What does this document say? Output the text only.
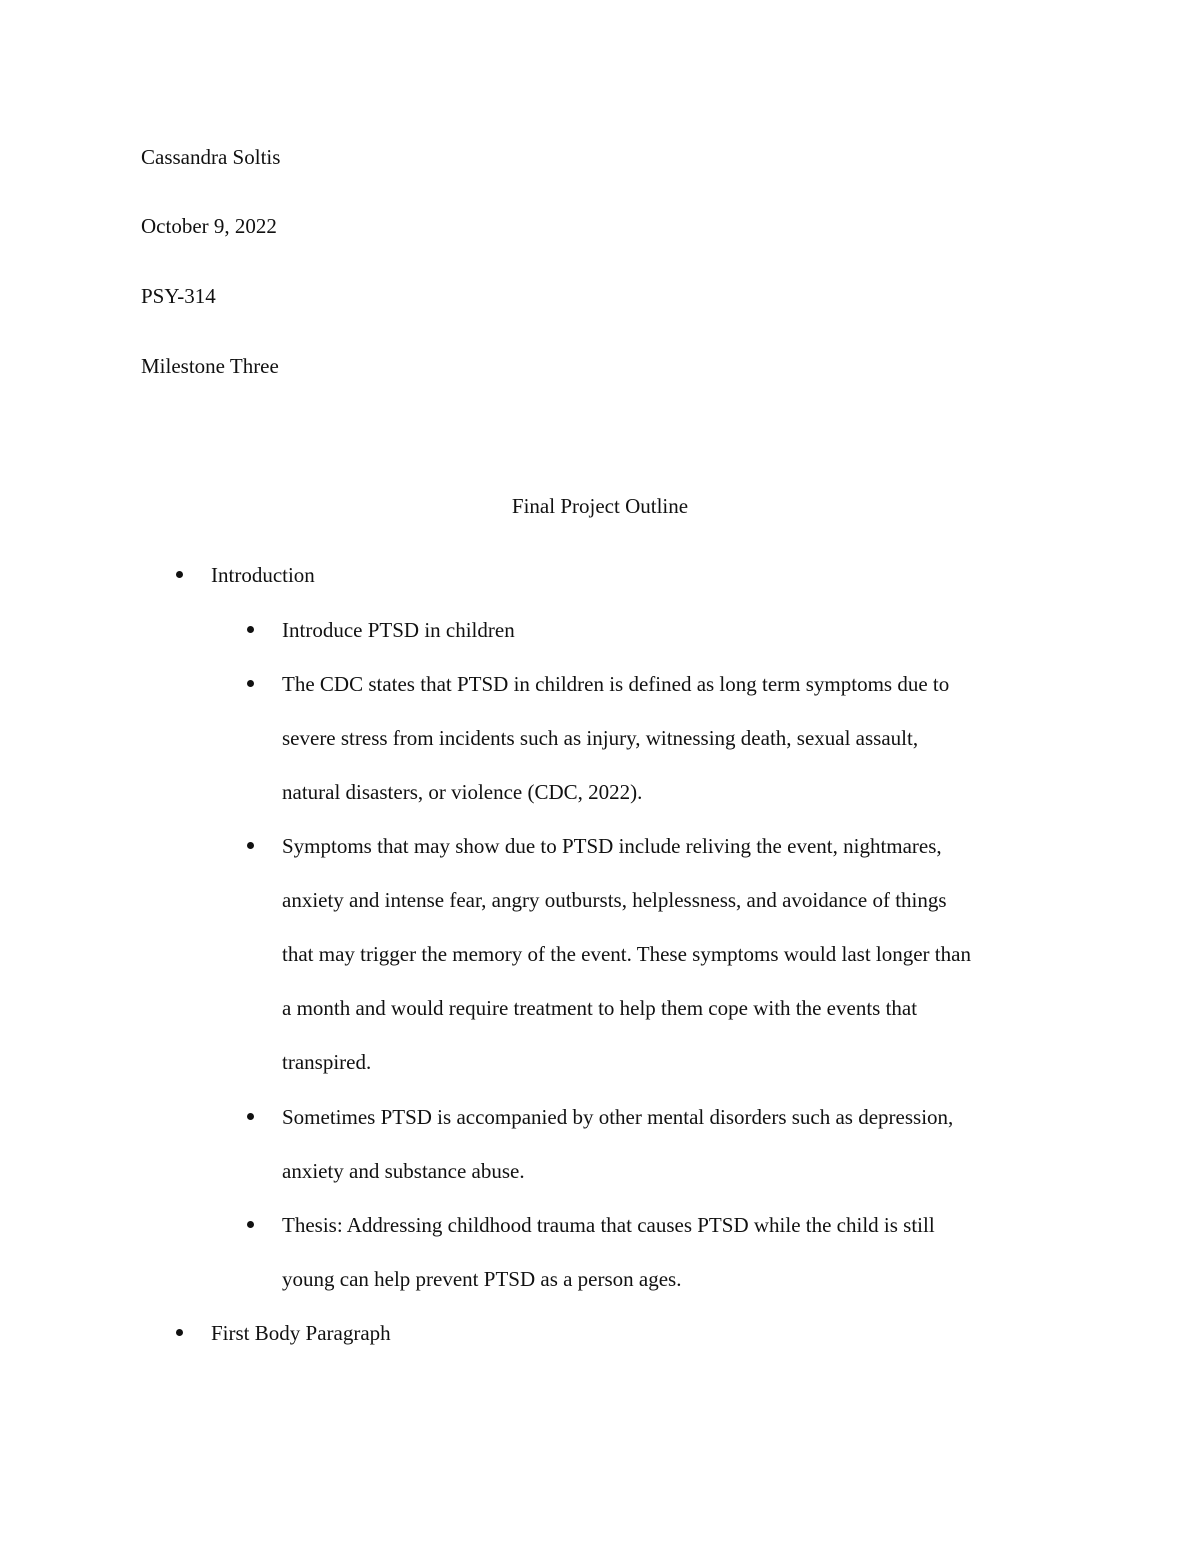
Cassandra Soltis
October 9, 2022
PSY-314
Milestone Three
Final Project Outline
Introduction
Introduce PTSD in children
The CDC states that PTSD in children is defined as long term symptoms due to
severe stress from incidents such as injury, witnessing death, sexual assault,
natural disasters, or violence (CDC, 2022).
Symptoms that may show due to PTSD include reliving the event, nightmares,
anxiety and intense fear, angry outbursts, helplessness, and avoidance of things
that may trigger the memory of the event. These symptoms would last longer than
a month and would require treatment to help them cope with the events that
transpired.
Sometimes PTSD is accompanied by other mental disorders such as depression,
anxiety and substance abuse.
Thesis: Addressing childhood trauma that causes PTSD while the child is still
young can help prevent PTSD as a person ages.
First Body Paragraph
